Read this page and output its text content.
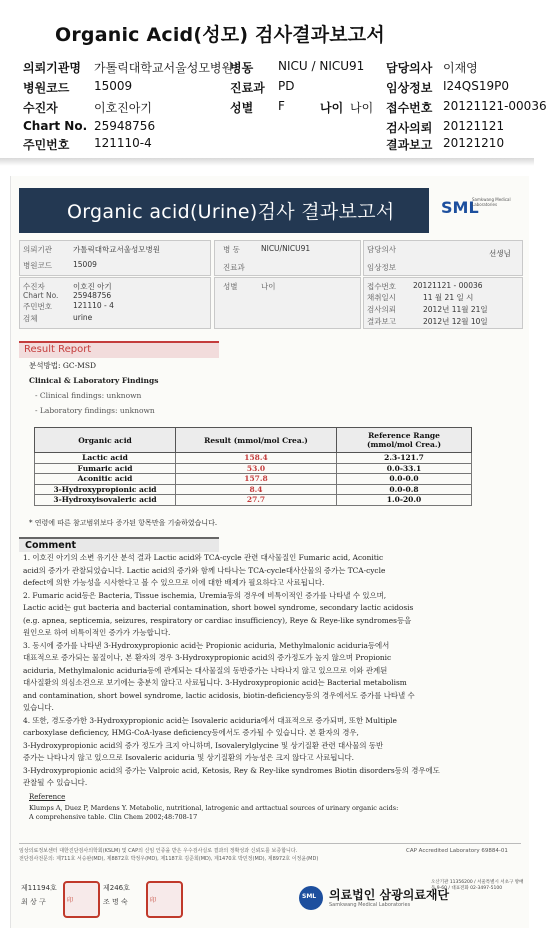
Organic Acid(성모) 검사결과보고서
의뢰기관명 가톨릭대학교서울성모병원
병동 NICU / NICU91 담당의사 이재영
병원코드 15009	진료과 PD	임상정보 I24QS19P0
수진자	이호진아기	성별 F	나이 나이 접수번호 20121121-00036
Chart No. 25948756	검사의뢰 20121121
주민번호 121110-4	결과보고 20121210
Organic acid(Urine)검사 결과보고서	SML
Samkwang Medical Laboratories
의뢰기관	가톨릭대학교서울성모병원	병 동	NICU/NICU91	담당의사	선생님
병원코드	15009	진료과	임상정보
수진자	이호진 아기	성별	나이
Chart No. 25948756
주민번호	121110 - 4
검체	urine
접수번호 20121121 - 00036
채취일시	11 월 21 일 시
검사의뢰	2012년 11월 21일
결과보고	2012년 12월 10일
Result Report
분석방법: GC-MSD
Clinical & Laboratory Findings
- Clinical findings: unknown
- Laboratory findings: unknown
Organic acid	Result (mmol/mol Crea.)	Reference Range
(mmol/mol Crea.)

Lactic acid	158.4	2.3-121.7
Fumaric acid	53.0	0.0-33.1
Aconitic acid	157.8	0.0-0.0
3-Hydroxypropionic acid	8.4	0.0-0.8
3-Hydroxyisovaleric acid	27.7	1.0-20.0
* 연령에 따른 참고범위보다 증가된 항목만을 기술하였습니다.
Comment
1. 이호진 아기의 소변 유기산 분석 결과 Lactic acid와 TCA-cycle 관련 대사물질인 Fumaric acid, Aconitic
acid의 증가가 관찰되었습니다. Lactic acid의 증가와 함께 나타나는 TCA-cycle대사산물의 증가는 TCA-cycle
defect에 의한 가능성을 시사한다고 볼 수 있으므로 이에 대한 배제가 필요하다고 사료됩니다.
2. Fumaric acid등은 Bacteria, Tissue ischemia, Uremia등의 경우에 비특이적인 증가를 나타낼 수 있으며,
Lactic acid는 gut bacteria and bacterial contamination, short bowel syndrome, secondary lactic acidosis
(e.g. apnea, septicemia, seizures, respiratory or cardiac insufficiency), Reye & Reye-like syndromes등을
원인으로 하여 비특이적인 증가가 가능합니다.
3. 동시에 증가를 나타낸 3-Hydroxypropionic acid는 Propionic aciduria, Methylmalonic aciduria등에서
대표적으로 증가되는 물질이나, 본 환자의 경우 3-Hydroxypropionic acid의 증가정도가 높지 않으며 Propionic
aciduria, Methylmalonic aciduria등에 관계되는 대사물질의 동반증가는 나타나지 않고 있으므로 이와 관계된
대사질환의 의심소견으로 보기에는 충분치 않다고 사료됩니다. 3-Hydroxypropionic acid는 Bacterial metabolism
and contamination, short bowel syndrome, lactic acidosis, biotin-deficiency등의 경우에서도 증가를 나타낼 수
있습니다.
4. 또한, 경도증가한 3-Hydroxypropionic acid는 Isovaleric aciduria에서 대표적으로 증가되며, 또한 Multiple
carboxylase deficiency, HMG-CoA-lyase deficiency등에서도 증가될 수 있습니다. 본 환자의 경우,
3-Hydroxypropionic acid의 증가 정도가 크지 아니하며, Isovalerylglycine 및 상기질환 관련 대사물의 동반
증가는 나타나지 않고 있으므로 Isovaleric aciduria 및 상기질환의 가능성은 크지 않다고 사료됩니다.
3-Hydroxypropionic acid의 증가는 Valproic acid, Ketosis, Rey & Rey-like syndromes Biotin disorders등의 경우에도
관찰될 수 있습니다.
Reference
Klumps A, Duez P, Mardens Y. Metabolic, nutritional, latrogenic and arttactual sources of urinary organic acids:
A comprehensive table. Clin Chem 2002;48:708-17
임상의료정보센터 대한진단검사의학회(KSLM) 및 CAP의 신임 인증을 받은 우수검사실로 결과의 정확성과 신뢰도를 보증합니다.
전단검사전문의: 제711호 서승완(MD), 제8872호 박정우(MD), 제1187호 김준희(MD), 제1470호 박민정(MD), 제8972호 이정윤(MD)
CAP Accredited Laboratory 69884-01
제11194호
최 상 구	印
제246호
조 명 숙	印
SML 의료법인 삼광의료재단
Samkwang Medical Laboratories
오산기관 11356200 / 서울특별시 서초구 방배동 9-60 / 대표전화 02-3497-5100
